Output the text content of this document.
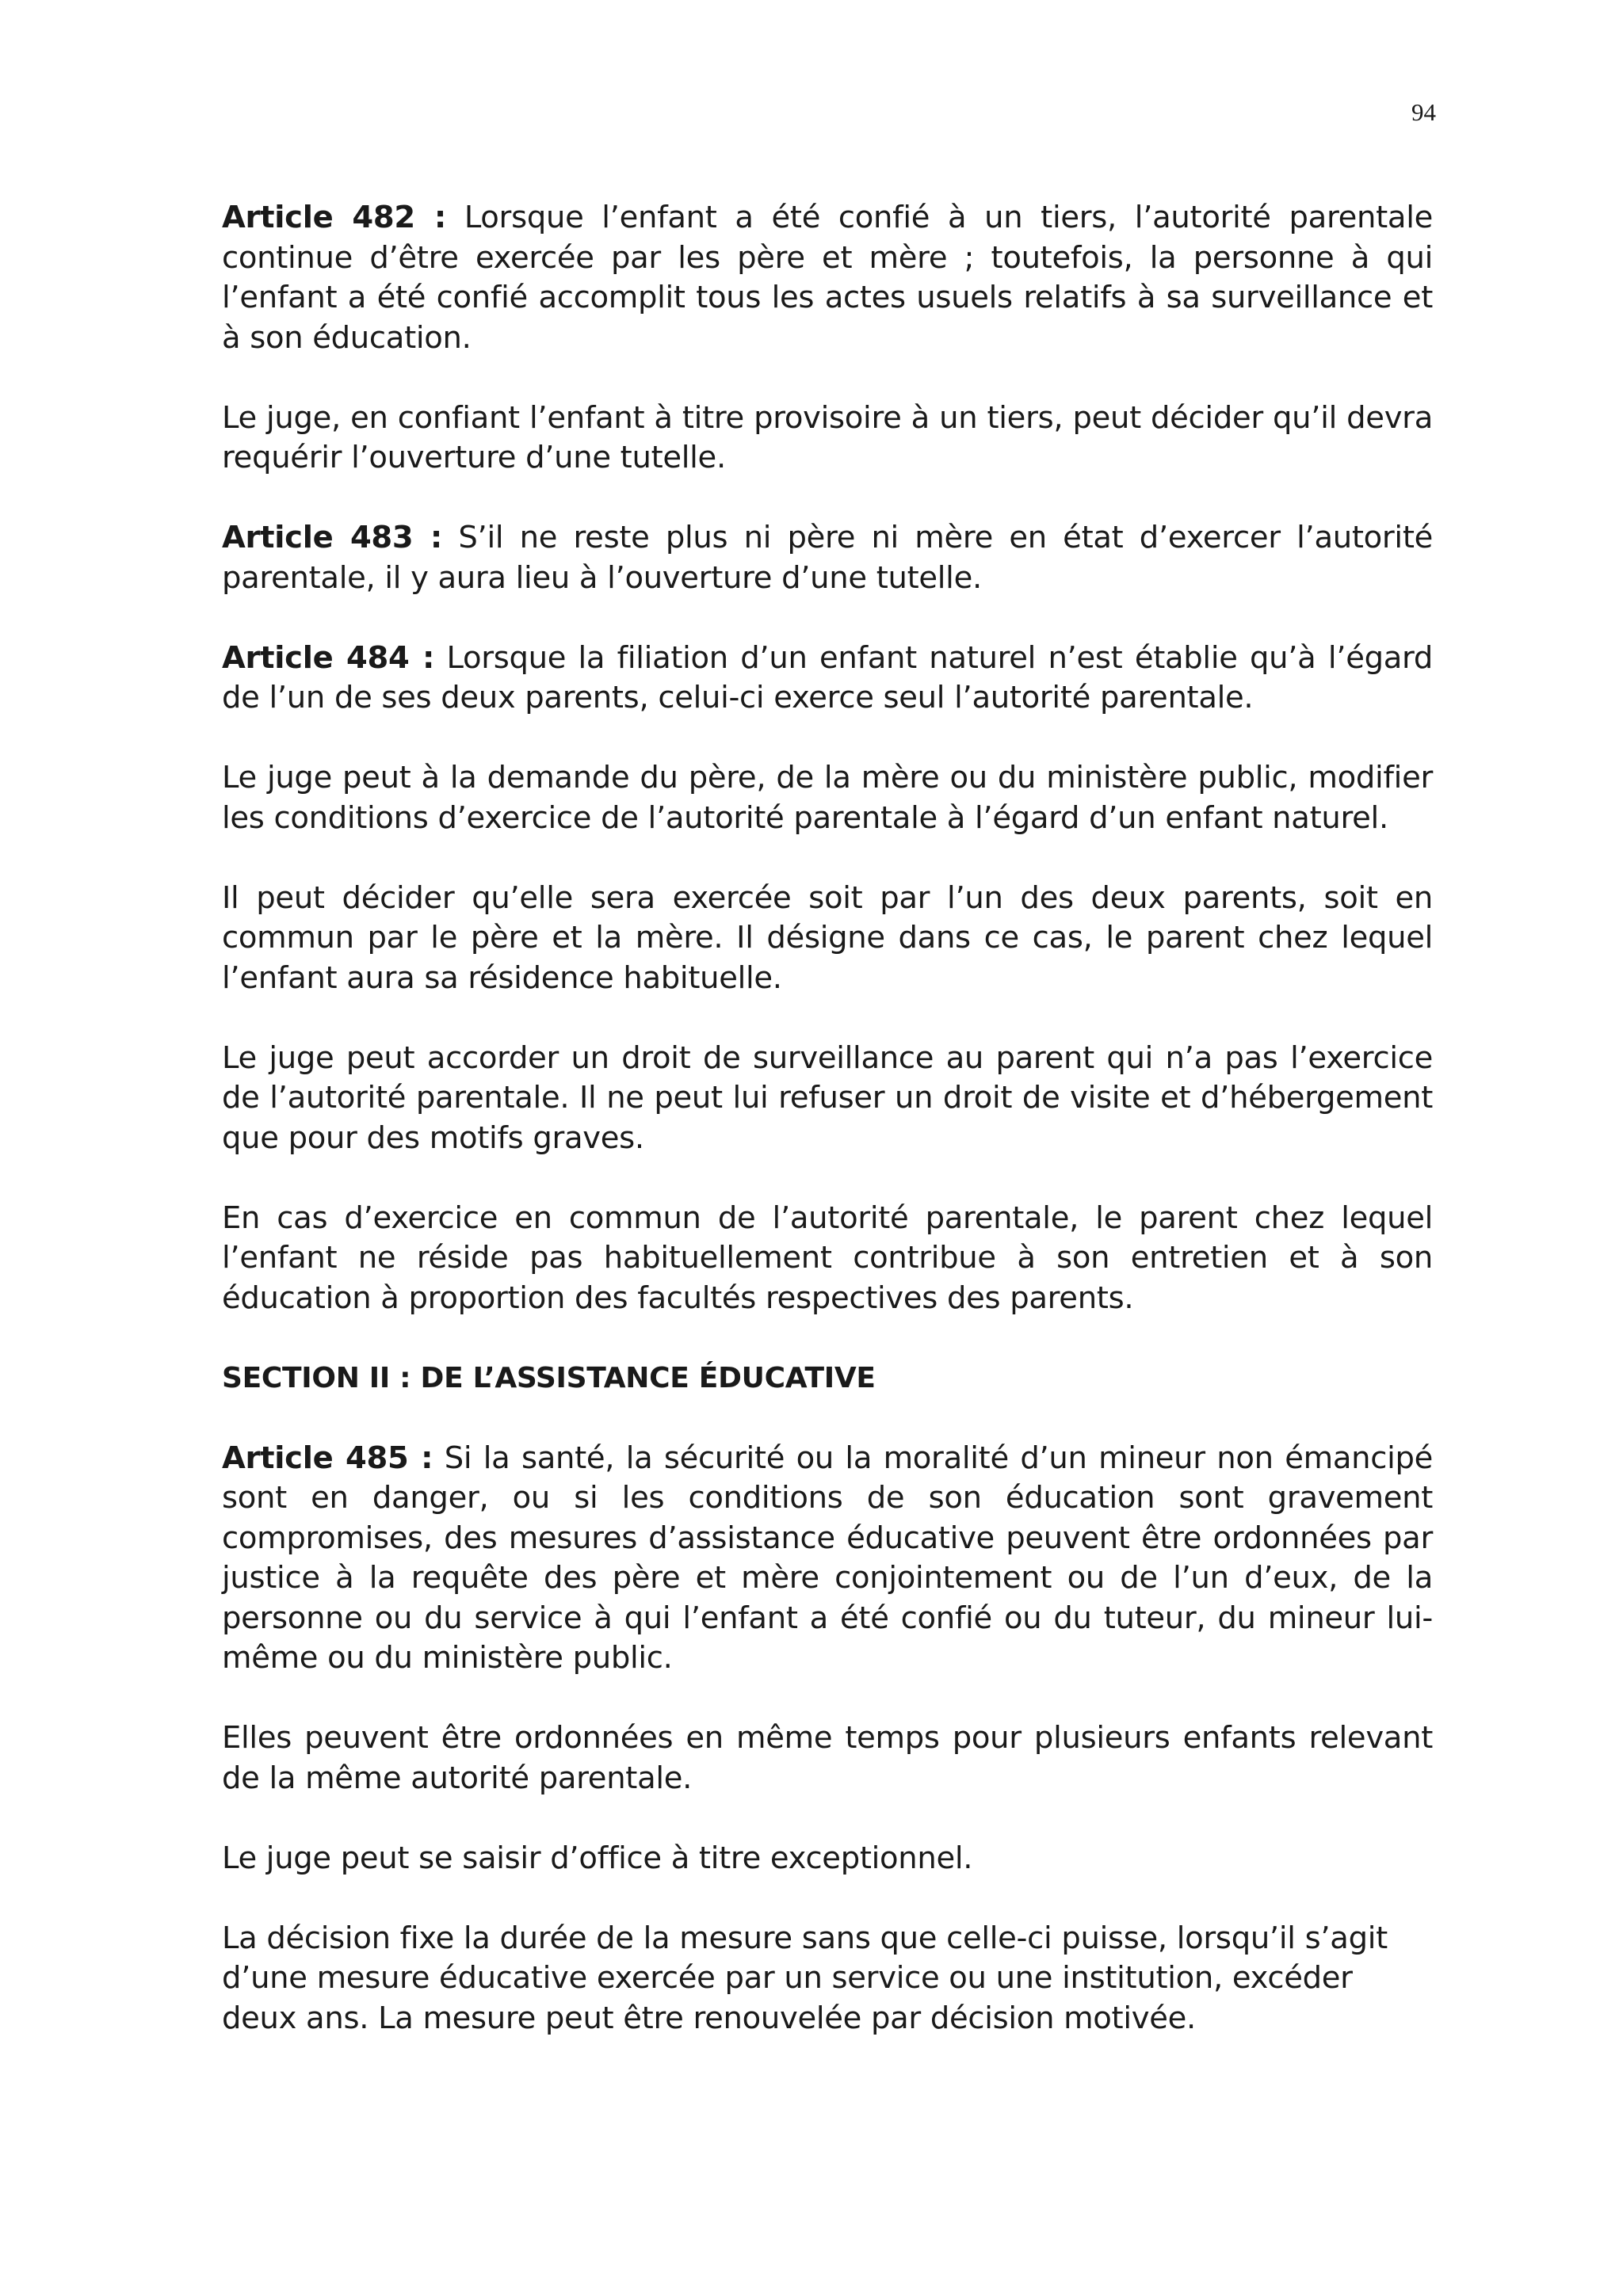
94

Article 482 : Lorsque l’enfant a été confié à un tiers, l’autorité parentale continue d’être exercée par les père et mère ; toutefois, la personne à qui l’enfant a été confié accomplit tous les actes usuels relatifs à sa surveillance et à son éducation.

Le juge, en confiant l’enfant à titre provisoire à un tiers, peut décider qu’il devra requérir l’ouverture d’une tutelle.

Article 483 : S’il ne reste plus ni père ni mère en état d’exercer l’autorité parentale, il y aura lieu à l’ouverture d’une tutelle.

Article 484 : Lorsque la filiation d’un enfant naturel n’est établie qu’à l’égard de l’un de ses deux parents, celui-ci exerce seul l’autorité parentale.

Le juge peut à la demande du père, de la mère ou du ministère public, modifier les conditions d’exercice de l’autorité parentale à l’égard d’un enfant naturel.

Il peut décider qu’elle sera exercée soit par l’un des deux parents, soit en commun par le père et la mère. Il désigne dans ce cas, le parent chez lequel l’enfant aura sa résidence habituelle.

Le juge peut accorder un droit de surveillance au parent qui n’a pas l’exercice de l’autorité parentale. Il ne peut lui refuser un droit de visite et d’hébergement que pour des motifs graves.

En cas d’exercice en commun de l’autorité parentale, le parent chez lequel l’enfant ne réside pas habituellement contribue à son entretien et à son éducation à proportion des facultés respectives des parents.

SECTION II : DE L’ASSISTANCE ÉDUCATIVE

Article 485 : Si la santé, la sécurité ou la moralité d’un mineur non émancipé sont en danger, ou si les conditions de son éducation sont gravement compromises, des mesures d’assistance éducative peuvent être ordonnées par justice à la requête des père et mère conjointement ou de l’un d’eux, de la personne ou du service à qui l’enfant a été confié ou du tuteur, du mineur lui-même ou du ministère public.

Elles peuvent être ordonnées en même temps pour plusieurs enfants relevant de la même autorité parentale.

Le juge peut se saisir d’office à titre exceptionnel.

La décision fixe la durée de la mesure sans que celle-ci puisse, lorsqu’il s’agit d’une mesure éducative exercée par un service ou une institution, excéder deux ans. La mesure peut être renouvelée par décision motivée.
